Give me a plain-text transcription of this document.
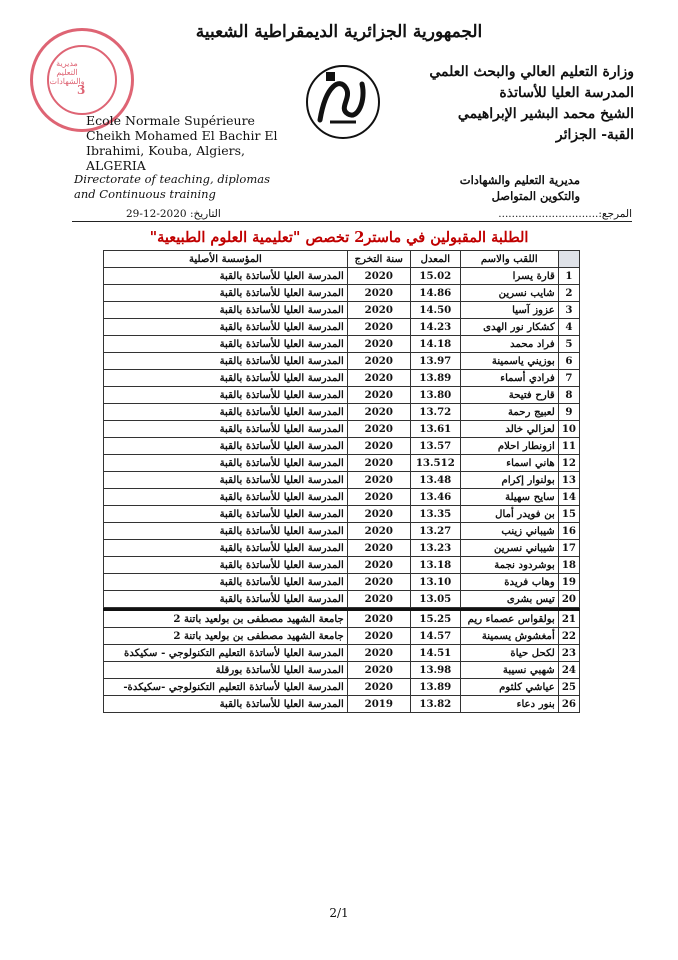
الجمهورية الجزائرية الديمقراطية الشعبية
مديرية التعليم والشهادات
3
Ecole Normale Supérieure
Cheikh Mohamed El Bachir El
Ibrahimi, Kouba, Algiers, ALGERIA
وزارة التعليم العالي والبحث العلمي
المدرسة العليا للأساتذة
الشيخ محمد البشير الإبراهيمي
القبة- الجزائر
Directorate of teaching, diplomas
and Continuous training
مديرية التعليم والشهادات
والتكوين المتواصل
المرجع:..............................
التاريخ: 2020-12-29
الطلبة المقبولين في ماستر2 تخصص "تعليمية العلوم الطبيعية"
	اللقب والاسم	المعدل	سنة التخرج	المؤسسة الأصلية
1	قارة يسرا	15.02	2020	المدرسة العليا للأساتذة بالقبة
2	شايب نسرين	14.86	2020	المدرسة العليا للأساتذة بالقبة
3	عزوز آسيا	14.50	2020	المدرسة العليا للأساتذة بالقبة
4	كشكار نور الهدى	14.23	2020	المدرسة العليا للأساتذة بالقبة
5	فراد محمد	14.18	2020	المدرسة العليا للأساتذة بالقبة
6	بوزيني ياسمينة	13.97	2020	المدرسة العليا للأساتذة بالقبة
7	فرادي أسماء	13.89	2020	المدرسة العليا للأساتذة بالقبة
8	قارح فتيحة	13.80	2020	المدرسة العليا للأساتذة بالقبة
9	لعبيج رحمة	13.72	2020	المدرسة العليا للأساتذة بالقبة
10	لعزالي خالد	13.61	2020	المدرسة العليا للأساتذة بالقبة
11	ازونطار احلام	13.57	2020	المدرسة العليا للأساتذة بالقبة
12	هاني اسماء	13.512	2020	المدرسة العليا للأساتذة بالقبة
13	بولنوار إكرام	13.48	2020	المدرسة العليا للأساتذة بالقبة
14	سايح سهيلة	13.46	2020	المدرسة العليا للأساتذة بالقبة
15	بن فويدر أمال	13.35	2020	المدرسة العليا للأساتذة بالقبة
16	شيباني زينب	13.27	2020	المدرسة العليا للأساتذة بالقبة
17	شيباني نسرين	13.23	2020	المدرسة العليا للأساتذة بالقبة
18	بوشردود نجمة	13.18	2020	المدرسة العليا للأساتذة بالقبة
19	وهاب فريدة	13.10	2020	المدرسة العليا للأساتذة بالقبة
20	تيس بشرى	13.05	2020	المدرسة العليا للأساتذة بالقبة

21	بولقواس عصماء ريم	15.25	2020	جامعة الشهيد مصطفى بن بولعيد باتنة 2
22	أمغشوش يسمينة	14.57	2020	جامعة الشهيد مصطفى بن بولعيد باتنة 2
23	لكحل حياة	14.51	2020	المدرسة العليا لأساتذة التعليم التكنولوجي - سكيكدة
24	شهبي نسيبة	13.98	2020	المدرسة العليا للأساتذة بورقلة
25	عياشي كلثوم	13.89	2020	المدرسة العليا لأساتذة التعليم التكنولوجي -سكيكدة-
26	بنور دعاء	13.82	2019	المدرسة العليا للأساتذة بالقبة
2/1
